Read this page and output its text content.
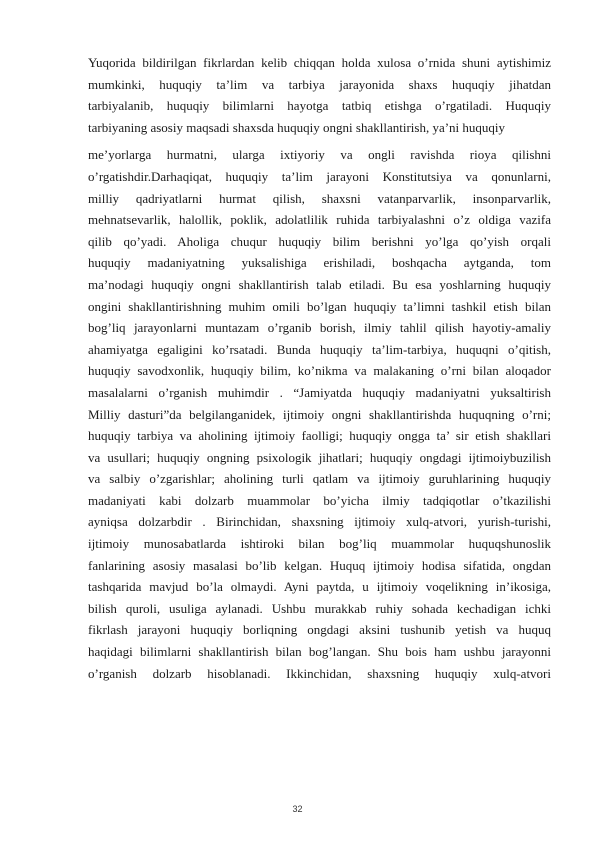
Yuqorida bildirilgan fikrlardan kelib chiqqan holda xulosa o’rnida shuni aytishimiz
mumkinki, huquqiy ta’lim va tarbiya jarayonida shaxs huquqiy jihatdan
tarbiyalanib, huquqiy bilimlarni hayotga tatbiq etishga o’rgatiladi. Huquqiy
tarbiyaning asosiy maqsadi shaxsda huquqiy ongni shakllantirish, ya’ni huquqiy
me’yorlarga hurmatni, ularga ixtiyoriy va ongli ravishda rioya qilishni
o’rgatishdir.Darhaqiqat, huquqiy ta’lim jarayoni Konstitutsiya va qonunlarni,
milliy qadriyatlarni hurmat qilish, shaxsni vatanparvarlik, insonparvarlik,
mehnatsevarlik, halollik, poklik, adolatlilik ruhida tarbiyalashni o’z oldiga vazifa
qilib qo’yadi. Aholiga chuqur huquqiy bilim berishni yo’lga qo’yish orqali
huquqiy madaniyatning yuksalishiga erishiladi, boshqacha aytganda, tom
ma’nodagi huquqiy ongni shakllantirish talab etiladi. Bu esa yoshlarning huquqiy
ongini shakllantirishning muhim omili bo’lgan huquqiy ta’limni tashkil etish bilan
bog’liq jarayonlarni muntazam o’rganib borish, ilmiy tahlil qilish hayotiy-amaliy
ahamiyatga egaligini ko’rsatadi. Bunda huquqiy ta’lim-tarbiya, huquqni o’qitish,
huquqiy savodxonlik, huquqiy bilim, ko’nikma va malakaning o’rni bilan aloqador
masalalarni o’rganish muhimdir . “Jamiyatda huquqiy madaniyatni yuksaltirish
Milliy dasturi”da belgilanganidek, ijtimoiy ongni shakllantirishda huquqning o’rni;
huquqiy tarbiya va aholining ijtimoiy faolligi; huquqiy ongga ta’ sir etish shakllari
va usullari; huquqiy ongning psixologik jihatlari; huquqiy ongdagi ijtimoiybuzilish
va salbiy o’zgarishlar; aholining turli qatlam va ijtimoiy guruhlarining huquqiy
madaniyati kabi dolzarb muammolar bo’yicha ilmiy tadqiqotlar o’tkazilishi
ayniqsa dolzarbdir . Birinchidan, shaxsning ijtimoiy xulq-atvori, yurish-turishi,
ijtimoiy munosabatlarda ishtiroki bilan bog’liq muammolar huquqshunoslik
fanlarining asosiy masalasi bo’lib kelgan. Huquq ijtimoiy hodisa sifatida, ongdan
tashqarida mavjud bo’la olmaydi. Ayni paytda, u ijtimoiy voqelikning in’ikosiga,
bilish quroli, usuliga aylanadi. Ushbu murakkab ruhiy sohada kechadigan ichki
fikrlash jarayoni huquqiy borliqning ongdagi aksini tushunib yetish va huquq
haqidagi bilimlarni shakllantirish bilan bog’langan. Shu bois ham ushbu jarayonni
o’rganish dolzarb hisoblanadi. Ikkinchidan, shaxsning huquqiy xulq-atvori
32
